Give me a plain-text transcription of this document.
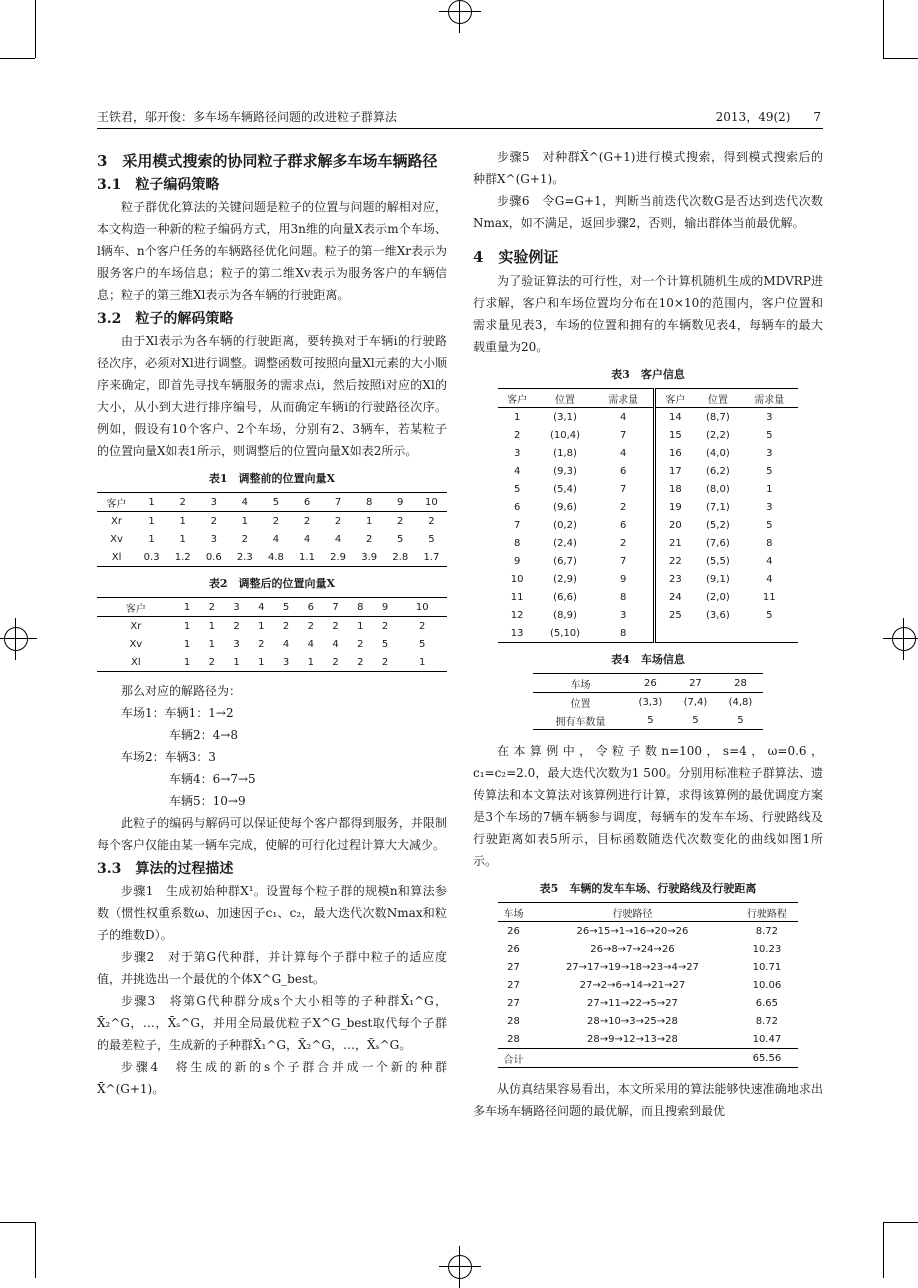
王铁君，邬开俊：多车场车辆路径问题的改进粒子群算法	2013，49(2)      7
3　采用模式搜索的协同粒子群求解多车场车辆路径
3.1　粒子编码策略

粒子群优化算法的关键问题是粒子的位置与问题的解相对应，本文构造一种新的粒子编码方式，用3n维的向量X表示m个车场、l辆车、n个客户任务的车辆路径优化问题。粒子的第一维Xr表示为服务客户的车场信息；粒子的第二维Xv表示为服务客户的车辆信息；粒子的第三维Xl表示为各车辆的行驶距离。

3.2　粒子的解码策略

由于Xl表示为各车辆的行驶距离，要转换对于车辆i的行驶路径次序，必须对Xl进行调整。调整函数可按照向量Xl元素的大小顺序来确定，即首先寻找车辆服务的需求点i，然后按照i对应的Xl的大小，从小到大进行排序编号，从而确定车辆i的行驶路径次序。例如，假设有10个客户、2个车场，分别有2、3辆车，若某粒子的位置向量X如表1所示，则调整后的位置向量X如表2所示。

表1　调整前的位置向量X
客户	1	2	3	4	5	6	7	8	9	10
Xr	1	1	2	1	2	2	2	1	2	2
Xv	1	1	3	2	4	4	4	2	5	5
Xl	0.3	1.2	0.6	2.3	4.8	1.1	2.9	3.9	2.8	1.7
表2　调整后的位置向量X
客户	1	2	3	4	5	6	7	8	9	10
Xr	1	1	2	1	2	2	2	1	2	2
Xv	1	1	3	2	4	4	4	2	5	5
Xl	1	2	1	1	3	1	2	2	2	1
那么对应的解路径为：
车场1：车辆1：1→2
车辆2：4→8
车场2：车辆3：3
车辆4：6→7→5
车辆5：10→9

此粒子的编码与解码可以保证使每个客户都得到服务，并限制每个客户仅能由某一辆车完成，使解的可行化过程计算大大减少。

3.3　算法的过程描述

步骤1　生成初始种群X¹。设置每个粒子群的规模n和算法参数（惯性权重系数ω、加速因子c₁、c₂，最大迭代次数Nmax和粒子的维数D）。

步骤2　对于第G代种群，并计算每个子群中粒子的适应度值，并挑选出一个最优的个体X^G_best。

步骤3　将第G代种群分成s个大小相等的子种群X̄₁^G，X̄₂^G，…，X̄ₛ^G，并用全局最优粒子X^G_best取代每个子群的最差粒子，生成新的子种群X̃₁^G，X̃₂^G，…，X̃ₛ^G。

步骤4　将生成的新的s个子群合并成一个新的种群X̄^(G+1)。

步骤5　对种群X̄^(G+1)进行模式搜索，得到模式搜索后的种群X^(G+1)。

步骤6　令G=G+1，判断当前迭代次数G是否达到迭代次数Nmax，如不满足，返回步骤2，否则，输出群体当前最优解。

4　实验例证

为了验证算法的可行性，对一个计算机随机生成的MDVRP进行求解，客户和车场位置均分布在10×10的范围内，客户位置和需求量见表3，车场的位置和拥有的车辆数见表4，每辆车的最大载重量为20。

表3　客户信息
客户	位置	需求量	客户	位置	需求量
1	(3,1)	4	14	(8,7)	3
2	(10,4)	7	15	(2,2)	5
3	(1,8)	4	16	(4,0)	3
4	(9,3)	6	17	(6,2)	5
5	(5,4)	7	18	(8,0)	1
6	(9,6)	2	19	(7,1)	3
7	(0,2)	6	20	(5,2)	5
8	(2,4)	2	21	(7,6)	8
9	(6,7)	7	22	(5,5)	4
10	(2,9)	9	23	(9,1)	4
11	(6,6)	8	24	(2,0)	11
12	(8,9)	3	25	(3,6)	5
13	(5,10)	8			
表4　车场信息
车场	26	27	28
位置	(3,3)	(7,4)	(4,8)
拥有车数量	5	5	5

在本算例中，令粒子数n=100，s=4，ω=0.6，c₁=c₂=2.0，最大迭代次数为1 500。分别用标准粒子群算法、遗传算法和本文算法对该算例进行计算，求得该算例的最优调度方案是3个车场的7辆车辆参与调度，每辆车的发车车场、行驶路线及行驶距离如表5所示，目标函数随迭代次数变化的曲线如图1所示。

表5　车辆的发车车场、行驶路线及行驶距离
车场	行驶路径	行驶路程
26	26→15→1→16→20→26	8.72
26	26→8→7→24→26	10.23
27	27→17→19→18→23→4→27	10.71
27	27→2→6→14→21→27	10.06
27	27→11→22→5→27	6.65
28	28→10→3→25→28	8.72
28	28→9→12→13→28	10.47
合计		65.56

从仿真结果容易看出，本文所采用的算法能够快速准确地求出多车场车辆路径问题的最优解，而且搜索到最优
